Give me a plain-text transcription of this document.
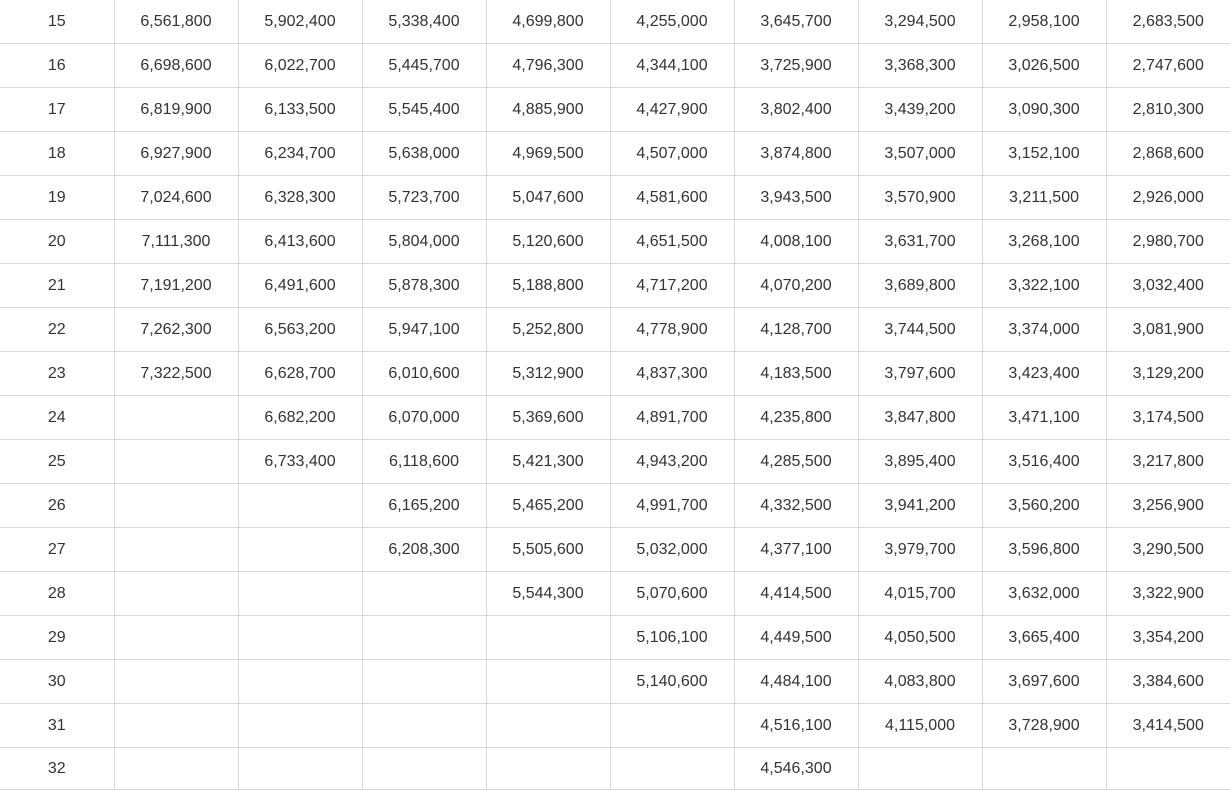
15	6,561,800	5,902,400	5,338,400	4,699,800	4,255,000	3,645,700	3,294,500	2,958,100	2,683,500
16	6,698,600	6,022,700	5,445,700	4,796,300	4,344,100	3,725,900	3,368,300	3,026,500	2,747,600
17	6,819,900	6,133,500	5,545,400	4,885,900	4,427,900	3,802,400	3,439,200	3,090,300	2,810,300
18	6,927,900	6,234,700	5,638,000	4,969,500	4,507,000	3,874,800	3,507,000	3,152,100	2,868,600
19	7,024,600	6,328,300	5,723,700	5,047,600	4,581,600	3,943,500	3,570,900	3,211,500	2,926,000
20	7,111,300	6,413,600	5,804,000	5,120,600	4,651,500	4,008,100	3,631,700	3,268,100	2,980,700
21	7,191,200	6,491,600	5,878,300	5,188,800	4,717,200	4,070,200	3,689,800	3,322,100	3,032,400
22	7,262,300	6,563,200	5,947,100	5,252,800	4,778,900	4,128,700	3,744,500	3,374,000	3,081,900
23	7,322,500	6,628,700	6,010,600	5,312,900	4,837,300	4,183,500	3,797,600	3,423,400	3,129,200
24		6,682,200	6,070,000	5,369,600	4,891,700	4,235,800	3,847,800	3,471,100	3,174,500
25		6,733,400	6,118,600	5,421,300	4,943,200	4,285,500	3,895,400	3,516,400	3,217,800
26			6,165,200	5,465,200	4,991,700	4,332,500	3,941,200	3,560,200	3,256,900
27			6,208,300	5,505,600	5,032,000	4,377,100	3,979,700	3,596,800	3,290,500
28				5,544,300	5,070,600	4,414,500	4,015,700	3,632,000	3,322,900
29					5,106,100	4,449,500	4,050,500	3,665,400	3,354,200
30					5,140,600	4,484,100	4,083,800	3,697,600	3,384,600
31						4,516,100	4,115,000	3,728,900	3,414,500
32						4,546,300			
